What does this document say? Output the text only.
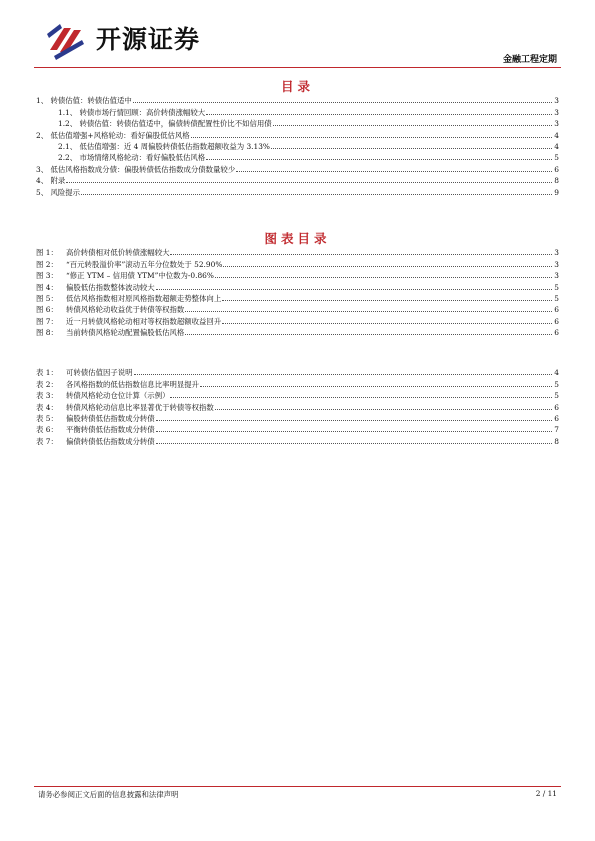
开源证券
金融工程定期
目录
1、 转债估值：转债估值适中	3
1.1、 转债市场行情回顾：高价转债涨幅较大	3
1.2、 转债估值：转债估值适中，偏债转债配置性价比不如信用债	3
2、 低估值增强+风格轮动：看好偏股低估风格	4
2.1、 低估值增强：近 4 周偏股转债低估指数超额收益为 3.13%	4
2.2、 市场情绪风格轮动：看好偏股低估风格	5
3、 低估风格指数成分债：偏股转债低估指数成分债数量较少	6
4、 附录	8
5、 风险提示	9
图表目录
图 1： 高价转债相对低价转债涨幅较大	3
图 2： “百元转股溢价率”滚动五年分位数处于 52.90%	3
图 3： “修正 YTM – 信用债 YTM”中位数为-0.86%	3
图 4： 偏股低估指数整体波动较大	5
图 5： 低估风格指数相对原风格指数超额走势整体向上	5
图 6： 转债风格轮动收益优于转债等权指数	6
图 7： 近一月转债风格轮动相对等权指数超额收益回升	6
图 8： 当前转债风格轮动配置偏股低估风格	6
表 1： 可转债估值因子说明	4
表 2： 各风格指数的低估指数信息比率明显提升	5
表 3： 转债风格轮动仓位计算（示例）	5
表 4： 转债风格轮动信息比率显著优于转债等权指数	6
表 5： 偏股转债低估指数成分转债	6
表 6： 平衡转债低估指数成分转债	7
表 7： 偏债转债低估指数成分转债	8
请务必参阅正文后面的信息披露和法律声明	2 / 11
